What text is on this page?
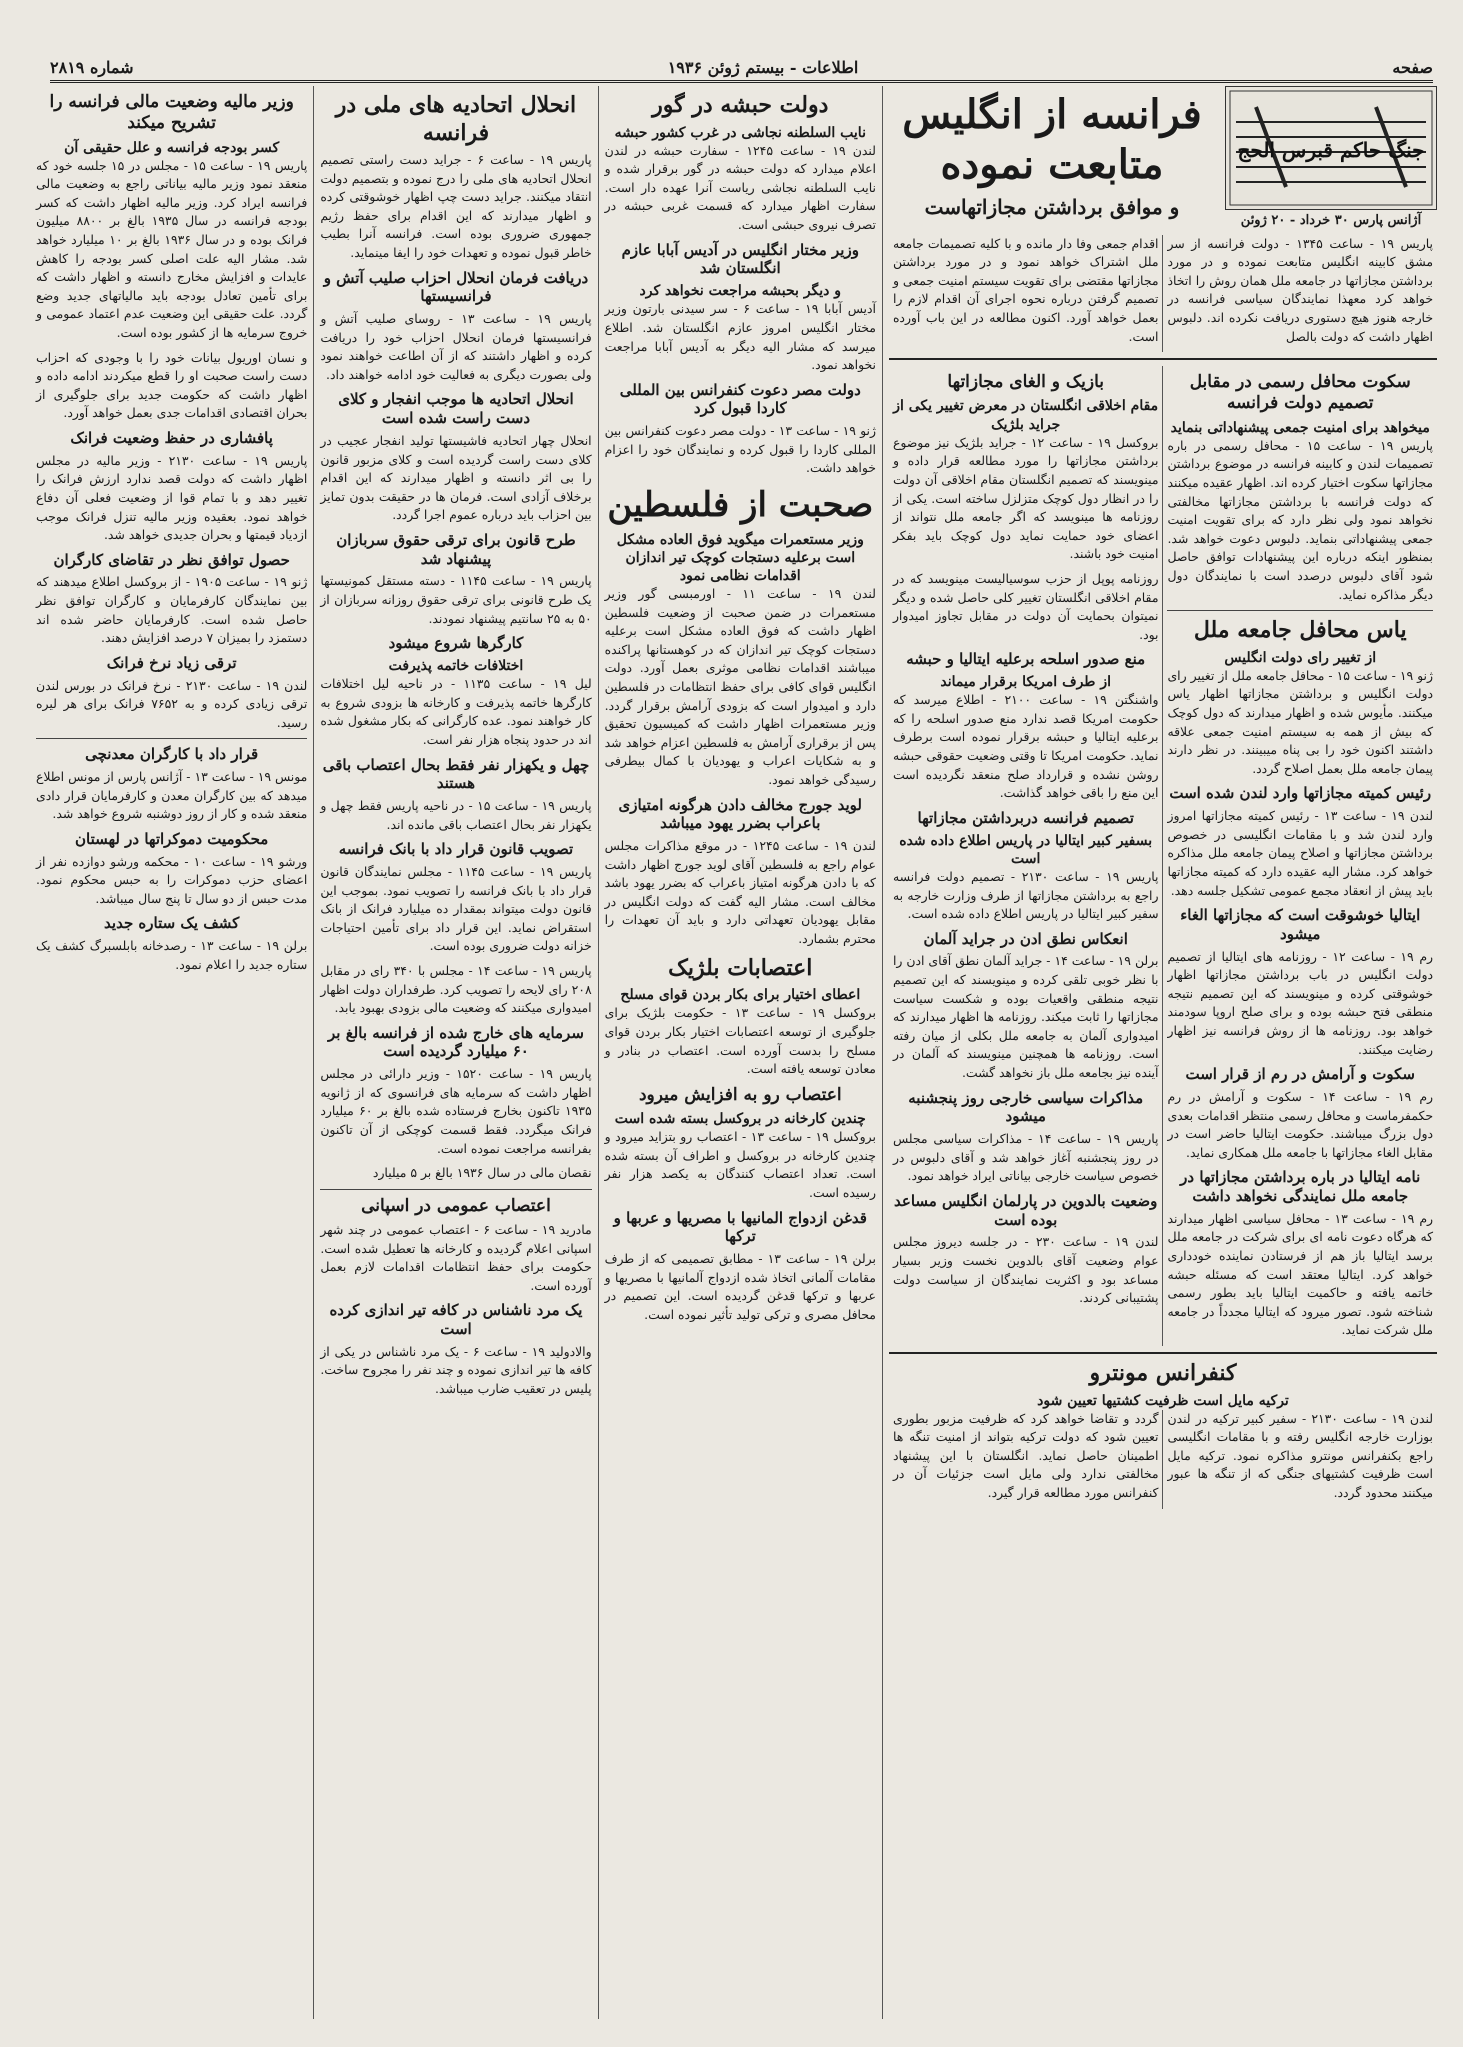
صفحه
اطلاعات - بیستم ژوئن ۱۹۳۶
شماره ۲۸۱۹
جنگ حاکم قبرس الحج
آژانس پارس ۳۰ خرداد - ۲۰ ژوئن
فرانسه از انگلیس متابعت نموده
و موافق برداشتن مجازاتهاست

پاریس ۱۹ - ساعت ۱۳۴۵ - دولت فرانسه از سر مشق کابینه انگلیس متابعت نموده و در مورد برداشتن مجازاتها در جامعه ملل همان روش را اتخاذ خواهد کرد معهذا نمایندگان سیاسی فرانسه در خارجه هنوز هیچ دستوری دریافت نکرده اند. دلبوس اظهار داشت که دولت بالصل

اقدام جمعی وفا دار مانده و با کلیه تصمیمات جامعه ملل اشتراک خواهد نمود و در مورد برداشتن مجازاتها مقتضی برای تقویت سیستم امنیت جمعی و تصمیم گرفتن درباره نحوه اجرای آن اقدام لازم را بعمل خواهد آورد. اکنون مطالعه در این باب آورده است.

سکوت محافل رسمی در مقابل تصمیم دولت فرانسه
میخواهد برای امنیت جمعی پیشنهاداتی بنماید

پاریس ۱۹ - ساعت ۱۵ - محافل رسمی در باره تصمیمات لندن و کابینه فرانسه در موضوع برداشتن مجازاتها سکوت اختیار کرده اند. اظهار عقیده میکنند که دولت فرانسه با برداشتن مجازاتها مخالفتی نخواهد نمود ولی نظر دارد که برای تقویت امنیت جمعی پیشنهاداتی بنماید. دلبوس دعوت خواهد شد. بمنظور اینکه درباره این پیشنهادات توافق حاصل شود آقای دلبوس درصدد است با نمایندگان دول دیگر مذاکره نماید.

یاس محافل جامعه ملل
از تغییر رای دولت انگلیس

ژنو ۱۹ - ساعت ۱۵ - محافل جامعه ملل از تغییر رای دولت انگلیس و برداشتن مجازاتها اظهار یاس میکنند. مأیوس شده و اظهار میدارند که دول کوچک که بیش از همه به سیستم امنیت جمعی علاقه داشتند اکنون خود را بی پناه میبینند. در نظر دارند پیمان جامعه ملل بعمل اصلاح گردد.

رئیس کمیته مجازاتها وارد لندن شده است

لندن ۱۹ - ساعت ۱۳ - رئیس کمیته مجازاتها امروز وارد لندن شد و با مقامات انگلیسی در خصوص برداشتن مجازاتها و اصلاح پیمان جامعه ملل مذاکره خواهد کرد. مشار الیه عقیده دارد که کمیته مجازاتها باید پیش از انعقاد مجمع عمومی تشکیل جلسه دهد.

ایتالیا خوشوقت است که مجازاتها الغاء میشود

رم ۱۹ - ساعت ۱۲ - روزنامه های ایتالیا از تصمیم دولت انگلیس در باب برداشتن مجازاتها اظهار خوشوقتی کرده و مینویسند که این تصمیم نتیجه منطقی فتح حبشه بوده و برای صلح اروپا سودمند خواهد بود. روزنامه ها از روش فرانسه نیز اظهار رضایت میکنند.

سکوت و آرامش در رم از قرار است

رم ۱۹ - ساعت ۱۴ - سکوت و آرامش در رم حکمفرماست و محافل رسمی منتظر اقدامات بعدی دول بزرگ میباشند. حکومت ایتالیا حاضر است در مقابل الغاء مجازاتها با جامعه ملل همکاری نماید.

نامه ایتالیا در باره برداشتن مجازاتها در جامعه ملل نمایندگی نخواهد داشت

رم ۱۹ - ساعت ۱۳ - محافل سیاسی اظهار میدارند که هرگاه دعوت نامه ای برای شرکت در جامعه ملل برسد ایتالیا باز هم از فرستادن نماینده خودداری خواهد کرد. ایتالیا معتقد است که مسئله حبشه خاتمه یافته و حاکمیت ایتالیا باید بطور رسمی شناخته شود. تصور میرود که ایتالیا مجدداً در جامعه ملل شرکت نماید.

بازیک و الغای مجازاتها
مقام اخلاقی انگلستان در معرض تغییر یکی از جراید بلژیک

بروکسل ۱۹ - ساعت ۱۲ - جراید بلژیک نیز موضوع برداشتن مجازاتها را مورد مطالعه قرار داده و مینویسند که تصمیم انگلستان مقام اخلاقی آن دولت را در انظار دول کوچک متزلزل ساخته است. یکی از روزنامه ها مینویسد که اگر جامعه ملل نتواند از اعضای خود حمایت نماید دول کوچک باید بفکر امنیت خود باشند.

روزنامه پوپل از حزب سوسیالیست مینویسد که در مقام اخلاقی انگلستان تغییر کلی حاصل شده و دیگر نمیتوان بحمایت آن دولت در مقابل تجاوز امیدوار بود.

منع صدور اسلحه برعلیه ایتالیا و حبشه
از طرف امریکا برقرار میماند

واشنگتن ۱۹ - ساعت ۲۱۰۰ - اطلاع میرسد که حکومت امریکا قصد ندارد منع صدور اسلحه را که برعلیه ایتالیا و حبشه برقرار نموده است برطرف نماید. حکومت امریکا تا وقتی وضعیت حقوقی حبشه روشن نشده و قرارداد صلح منعقد نگردیده است این منع را باقی خواهد گذاشت.

تصمیم فرانسه دربرداشتن مجازاتها
بسفیر کبیر ایتالیا در پاریس اطلاع داده شده است

پاریس ۱۹ - ساعت ۲۱۳۰ - تصمیم دولت فرانسه راجع به برداشتن مجازاتها از طرف وزارت خارجه به سفیر کبیر ایتالیا در پاریس اطلاع داده شده است.

انعکاس نطق ادن در جراید آلمان

برلن ۱۹ - ساعت ۱۴ - جراید آلمان نطق آقای ادن را با نظر خوبی تلقی کرده و مینویسند که این تصمیم نتیجه منطقی واقعیات بوده و شکست سیاست مجازاتها را ثابت میکند. روزنامه ها اظهار میدارند که امیدواری آلمان به جامعه ملل بکلی از میان رفته است. روزنامه ها همچنین مینویسند که آلمان در آینده نیز بجامعه ملل باز نخواهد گشت.

مذاکرات سیاسی خارجی روز پنجشنبه میشود

پاریس ۱۹ - ساعت ۱۴ - مذاکرات سیاسی مجلس در روز پنجشنبه آغاز خواهد شد و آقای دلبوس در خصوص سیاست خارجی بیاناتی ایراد خواهد نمود.

وضعیت بالدوین در پارلمان انگلیس مساعد بوده است

لندن ۱۹ - ساعت ۲۳۰ - در جلسه دیروز مجلس عوام وضعیت آقای بالدوین نخست وزیر بسیار مساعد بود و اکثریت نمایندگان از سیاست دولت پشتیبانی کردند.

کنفرانس مونترو
ترکیه مایل است ظرفیت کشتیها تعیین شود

لندن ۱۹ - ساعت ۲۱۳۰ - سفیر کبیر ترکیه در لندن بوزارت خارجه انگلیس رفته و با مقامات انگلیسی راجع بکنفرانس مونترو مذاکره نمود. ترکیه مایل است ظرفیت کشتیهای جنگی که از تنگه ها عبور میکنند محدود گردد.

گردد و تقاضا خواهد کرد که ظرفیت مزبور بطوری تعیین شود که دولت ترکیه بتواند از امنیت تنگه ها اطمینان حاصل نماید. انگلستان با این پیشنهاد مخالفتی ندارد ولی مایل است جزئیات آن در کنفرانس مورد مطالعه قرار گیرد.

دولت حبشه در گور
نایب السلطنه نجاشی در غرب کشور حبشه

لندن ۱۹ - ساعت ۱۲۴۵ - سفارت حبشه در لندن اعلام میدارد که دولت حبشه در گور برقرار شده و نایب السلطنه نجاشی ریاست آنرا عهده دار است. سفارت اظهار میدارد که قسمت غربی حبشه در تصرف نیروی حبشی است.

وزیر مختار انگلیس در آدیس آبابا عازم انگلستان شد
و دیگر بحبشه مراجعت نخواهد کرد

آدیس آبابا ۱۹ - ساعت ۶ - سر سیدنی بارتون وزیر مختار انگلیس امروز عازم انگلستان شد. اطلاع میرسد که مشار الیه دیگر به آدیس آبابا مراجعت نخواهد نمود.

دولت مصر دعوت کنفرانس بین المللی کاردا قبول کرد

ژنو ۱۹ - ساعت ۱۳ - دولت مصر دعوت کنفرانس بین المللی کاردا را قبول کرده و نمایندگان خود را اعزام خواهد داشت.

صحبت از فلسطین
وزیر مستعمرات میگوید فوق العاده مشکل است برعلیه دستجات کوچک تیر اندازان اقدامات نظامی نمود

لندن ۱۹ - ساعت ۱۱ - اورمبسی گور وزیر مستعمرات در ضمن صحبت از وضعیت فلسطین اظهار داشت که فوق العاده مشکل است برعلیه دستجات کوچک تیر اندازان که در کوهستانها پراکنده میباشند اقدامات نظامی موثری بعمل آورد. دولت انگلیس قوای کافی برای حفظ انتظامات در فلسطین دارد و امیدوار است که بزودی آرامش برقرار گردد. وزیر مستعمرات اظهار داشت که کمیسیون تحقیق پس از برقراری آرامش به فلسطین اعزام خواهد شد و به شکایات اعراب و یهودیان با کمال بیطرفی رسیدگی خواهد نمود.

لوید جورج مخالف دادن هرگونه امتیازی باعراب بضرر یهود میباشد

لندن ۱۹ - ساعت ۱۲۴۵ - در موقع مذاکرات مجلس عوام راجع به فلسطین آقای لوید جورج اظهار داشت که با دادن هرگونه امتیاز باعراب که بضرر یهود باشد مخالف است. مشار الیه گفت که دولت انگلیس در مقابل یهودیان تعهداتی دارد و باید آن تعهدات را محترم بشمارد.

اعتصابات بلژیک
اعطای اختیار برای بکار بردن قوای مسلح

بروکسل ۱۹ - ساعت ۱۳ - حکومت بلژیک برای جلوگیری از توسعه اعتصابات اختیار بکار بردن قوای مسلح را بدست آورده است. اعتصاب در بنادر و معادن توسعه یافته است.

اعتصاب رو به افزایش میرود
چندین کارخانه در بروکسل بسته شده است

بروکسل ۱۹ - ساعت ۱۳ - اعتصاب رو بتزاید میرود و چندین کارخانه در بروکسل و اطراف آن بسته شده است. تعداد اعتصاب کنندگان به یکصد هزار نفر رسیده است.

قدغن ازدواج المانیها با مصریها و عربها و ترکها

برلن ۱۹ - ساعت ۱۳ - مطابق تصمیمی که از طرف مقامات آلمانی اتخاذ شده ازدواج آلمانیها با مصریها و عربها و ترکها قدغن گردیده است. این تصمیم در محافل مصری و ترکی تولید تأثیر نموده است.

انحلال اتحادیه های ملی در فرانسه

پاریس ۱۹ - ساعت ۶ - جراید دست راستی تصمیم انحلال اتحادیه های ملی را درج نموده و بتصمیم دولت انتقاد میکنند. جراید دست چپ اظهار خوشوقتی کرده و اظهار میدارند که این اقدام برای حفظ رژیم جمهوری ضروری بوده است. فرانسه آنرا بطیب خاطر قبول نموده و تعهدات خود را ایفا مینماید.

دریافت فرمان انحلال احزاب صلیب آتش و فرانسیستها

پاریس ۱۹ - ساعت ۱۳ - روسای صلیب آتش و فرانسیستها فرمان انحلال احزاب خود را دریافت کرده و اظهار داشتند که از آن اطاعت خواهند نمود ولی بصورت دیگری به فعالیت خود ادامه خواهند داد.

انحلال اتحادیه ها موجب انفجار و کلای دست راست شده است

انحلال چهار اتحادیه فاشیستها تولید انفجار عجیب در کلای دست راست گردیده است و کلای مزبور قانون را بی اثر دانسته و اظهار میدارند که این اقدام برخلاف آزادی است. فرمان ها در حقیقت بدون تمایز بین احزاب باید درباره عموم اجرا گردد.

طرح قانون برای ترقی حقوق سربازان پیشنهاد شد

پاریس ۱۹ - ساعت ۱۱۴۵ - دسته مستقل کمونیستها یک طرح قانونی برای ترقی حقوق روزانه سربازان از ۵۰ به ۲۵ سانتیم پیشنهاد نمودند.

کارگرها شروع میشود
اختلافات خاتمه پذیرفت

لیل ۱۹ - ساعت ۱۱۳۵ - در ناحیه لیل اختلافات کارگرها خاتمه پذیرفت و کارخانه ها بزودی شروع به کار خواهند نمود. عده کارگرانی که بکار مشغول شده اند در حدود پنجاه هزار نفر است.

چهل و یکهزار نفر فقط بحال اعتصاب باقی هستند

پاریس ۱۹ - ساعت ۱۵ - در ناحیه پاریس فقط چهل و یکهزار نفر بحال اعتصاب باقی مانده اند.

تصویب قانون قرار داد با بانک فرانسه

پاریس ۱۹ - ساعت ۱۱۴۵ - مجلس نمایندگان قانون قرار داد با بانک فرانسه را تصویب نمود. بموجب این قانون دولت میتواند بمقدار ده میلیارد فرانک از بانک استقراض نماید. این قرار داد برای تأمین احتیاجات خزانه دولت ضروری بوده است.

پاریس ۱۹ - ساعت ۱۴ - مجلس با ۳۴۰ رای در مقابل ۲۰۸ رای لایحه را تصویب کرد. طرفداران دولت اظهار امیدواری میکنند که وضعیت مالی بزودی بهبود یابد.

سرمایه های خارج شده از فرانسه بالغ بر ۶۰ میلیارد گردیده است

پاریس ۱۹ - ساعت ۱۵۲۰ - وزیر دارائی در مجلس اظهار داشت که سرمایه های فرانسوی که از ژانویه ۱۹۳۵ تاکنون بخارج فرستاده شده بالغ بر ۶۰ میلیارد فرانک میگردد. فقط قسمت کوچکی از آن تاکنون بفرانسه مراجعت نموده است.

نقصان مالی در سال ۱۹۳۶ بالغ بر ۵ میلیارد

اعتصاب عمومی در اسپانی

مادرید ۱۹ - ساعت ۶ - اعتصاب عمومی در چند شهر اسپانی اعلام گردیده و کارخانه ها تعطیل شده است. حکومت برای حفظ انتظامات اقدامات لازم بعمل آورده است.

یک مرد ناشناس در کافه تیر اندازی کرده است

والادولید ۱۹ - ساعت ۶ - یک مرد ناشناس در یکی از کافه ها تیر اندازی نموده و چند نفر را مجروح ساخت. پلیس در تعقیب ضارب میباشد.

وزیر مالیه وضعیت مالی فرانسه را تشریح میکند
کسر بودجه فرانسه و علل حقیقی آن

پاریس ۱۹ - ساعت ۱۵ - مجلس در ۱۵ جلسه خود که منعقد نمود وزیر مالیه بیاناتی راجع به وضعیت مالی فرانسه ایراد کرد. وزیر مالیه اظهار داشت که کسر بودجه فرانسه در سال ۱۹۳۵ بالغ بر ۸۸۰۰ میلیون فرانک بوده و در سال ۱۹۳۶ بالغ بر ۱۰ میلیارد خواهد شد. مشار الیه علت اصلی کسر بودجه را کاهش عایدات و افزایش مخارج دانسته و اظهار داشت که برای تأمین تعادل بودجه باید مالیاتهای جدید وضع گردد. علت حقیقی این وضعیت عدم اعتماد عمومی و خروج سرمایه ها از کشور بوده است.

و نسان اوریول بیانات خود را با وجودی که احزاب دست راست صحبت او را قطع میکردند ادامه داده و اظهار داشت که حکومت جدید برای جلوگیری از بحران اقتصادی اقدامات جدی بعمل خواهد آورد.

پافشاری در حفظ وضعیت فرانک

پاریس ۱۹ - ساعت ۲۱۳۰ - وزیر مالیه در مجلس اظهار داشت که دولت قصد ندارد ارزش فرانک را تغییر دهد و با تمام قوا از وضعیت فعلی آن دفاع خواهد نمود. بعقیده وزیر مالیه تنزل فرانک موجب ازدیاد قیمتها و بحران جدیدی خواهد شد.

حصول توافق نظر در تقاضای کارگران

ژنو ۱۹ - ساعت ۱۹۰۵ - از بروکسل اطلاع میدهند که بین نمایندگان کارفرمایان و کارگران توافق نظر حاصل شده است. کارفرمایان حاضر شده اند دستمزد را بمیزان ۷ درصد افزایش دهند.

ترقی زیاد نرخ فرانک

لندن ۱۹ - ساعت ۲۱۳۰ - نرخ فرانک در بورس لندن ترقی زیادی کرده و به ۷۶۵۲ فرانک برای هر لیره رسید.

قرار داد با کارگران معدنچی

مونس ۱۹ - ساعت ۱۳ - آژانس پارس از مونس اطلاع میدهد که بین کارگران معدن و کارفرمایان قرار دادی منعقد شده و کار از روز دوشنبه شروع خواهد شد.

محکومیت دموکراتها در لهستان

ورشو ۱۹ - ساعت ۱۰ - محکمه ورشو دوازده نفر از اعضای حزب دموکرات را به حبس محکوم نمود. مدت حبس از دو سال تا پنج سال میباشد.

کشف یک ستاره جدید

برلن ۱۹ - ساعت ۱۳ - رصدخانه بابلسبرگ کشف یک ستاره جدید را اعلام نمود.
